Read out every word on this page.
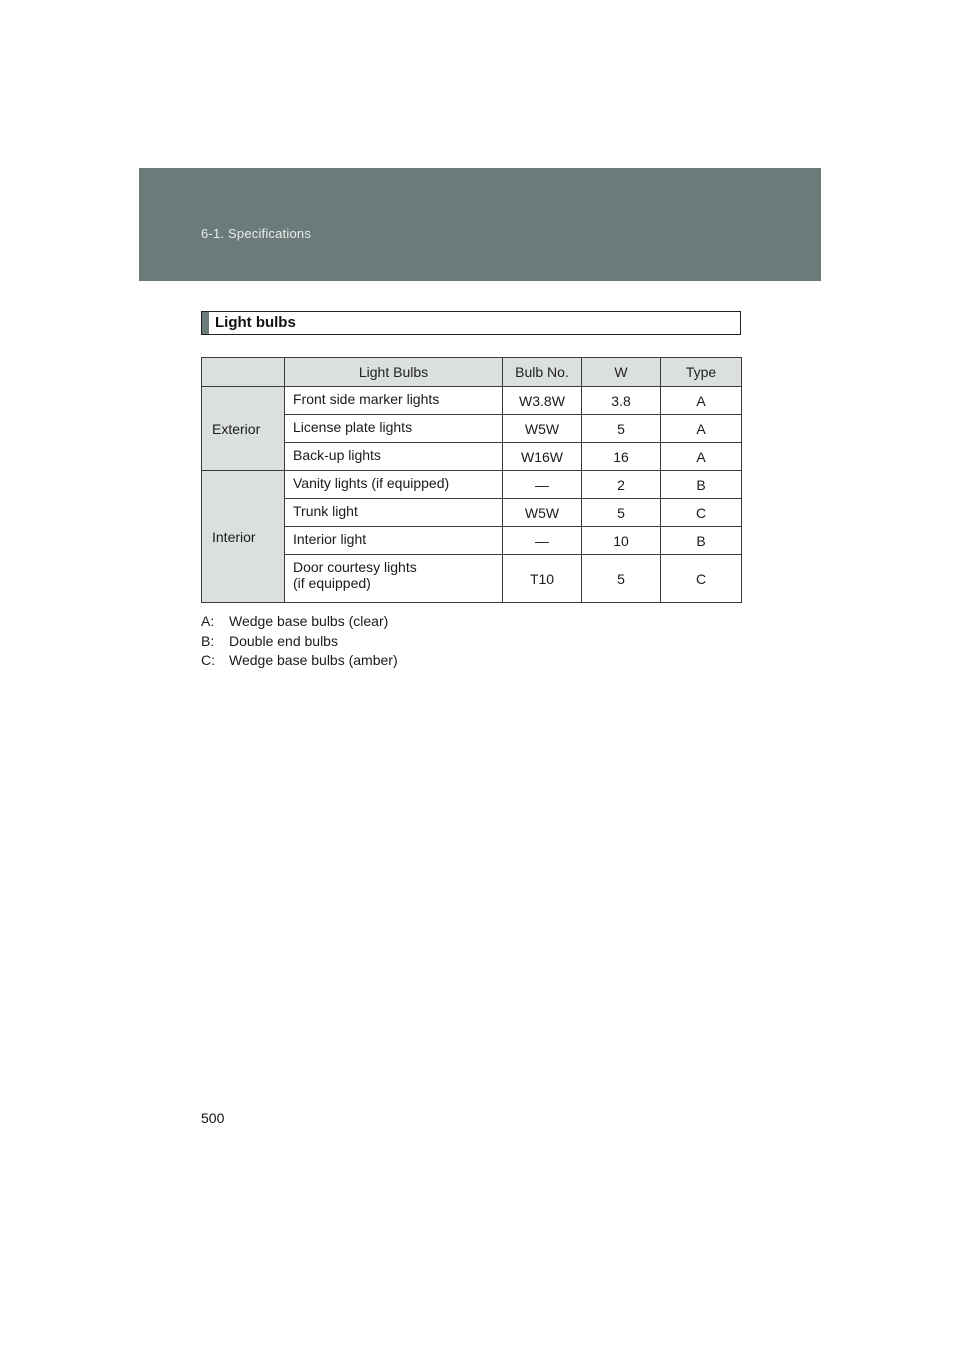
6-1. Specifications
Light bulbs
	Light Bulbs	Bulb No.	W	Type
Exterior	Front side marker lights	W3.8W	3.8	A
	License plate lights	W5W	5	A
	Back-up lights	W16W	16	A
Interior	Vanity lights (if equipped)	—	2	B
	Trunk light	W5W	5	C
	Interior light	—	10	B

	Door courtesy lights
(if equipped)	T10	5	C
A:	Wedge base bulbs (clear)
B:	Double end bulbs
C:	Wedge base bulbs (amber)
500
